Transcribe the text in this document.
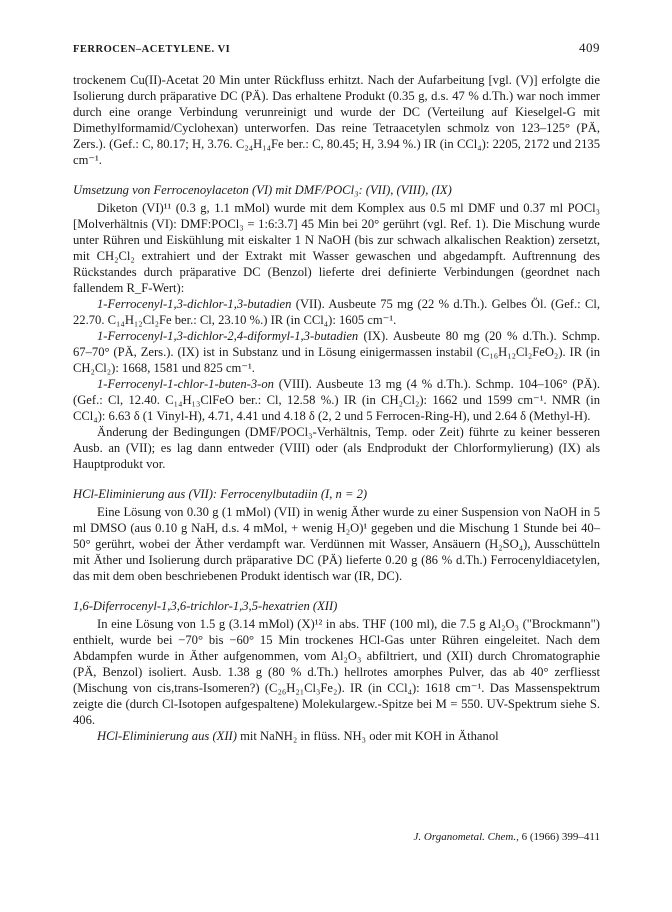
FERROCEN–ACETYLENE. VI	409

trockenem Cu(II)-Acetat 20 Min unter Rückfluss erhitzt. Nach der Aufarbeitung [vgl. (V)] erfolgte die Isolierung durch präparative DC (PÄ). Das erhaltene Produkt (0.35 g, d.s. 47 % d.Th.) war noch immer durch eine orange Verbindung verunreinigt und wurde der DC (Verteilung auf Kieselgel-G mit Dimethylformamid/Cyclohexan) unterworfen. Das reine Tetraacetylen schmolz von 123–125° (PÄ, Zers.). (Gef.: C, 80.17; H, 3.76. C₂₄H₁₄Fe ber.: C, 80.45; H, 3.94 %.) IR (in CCl₄): 2205, 2172 und 2135 cm⁻¹.

Umsetzung von Ferrocenoylaceton (VI) mit DMF/POCl₃: (VII), (VIII), (IX)

Diketon (VI)¹¹ (0.3 g, 1.1 mMol) wurde mit dem Komplex aus 0.5 ml DMF und 0.37 ml POCl₃ [Molverhältnis (VI): DMF:POCl₃ = 1:6:3.7] 45 Min bei 20° gerührt (vgl. Ref. 1). Die Mischung wurde unter Rühren und Eiskühlung mit eiskalter 1 N NaOH (bis zur schwach alkalischen Reaktion) zersetzt, mit CH₂Cl₂ extrahiert und der Extrakt mit Wasser gewaschen und abgedampft. Auftrennung des Rückstandes durch präparative DC (Benzol) lieferte drei definierte Verbindungen (geordnet nach fallendem R_F-Wert):

1-Ferrocenyl-1,3-dichlor-1,3-butadien (VII). Ausbeute 75 mg (22 % d.Th.). Gelbes Öl. (Gef.: Cl, 22.70. C₁₄H₁₂Cl₂Fe ber.: Cl, 23.10 %.) IR (in CCl₄): 1605 cm⁻¹.

1-Ferrocenyl-1,3-dichlor-2,4-diformyl-1,3-butadien (IX). Ausbeute 80 mg (20 % d.Th.). Schmp. 67–70° (PÄ, Zers.). (IX) ist in Substanz und in Lösung einigermassen instabil (C₁₆H₁₂Cl₂FeO₂). IR (in CH₂Cl₂): 1668, 1581 und 825 cm⁻¹.

1-Ferrocenyl-1-chlor-1-buten-3-on (VIII). Ausbeute 13 mg (4 % d.Th.). Schmp. 104–106° (PÄ). (Gef.: Cl, 12.40. C₁₄H₁₃ClFeO ber.: Cl, 12.58 %.) IR (in CH₂Cl₂): 1662 und 1599 cm⁻¹. NMR (in CCl₄): 6.63 δ (1 Vinyl-H), 4.71, 4.41 und 4.18 δ (2, 2 und 5 Ferrocen-Ring-H), und 2.64 δ (Methyl-H).

Änderung der Bedingungen (DMF/POCl₃-Verhältnis, Temp. oder Zeit) führte zu keiner besseren Ausb. an (VII); es lag dann entweder (VIII) oder (als Endprodukt der Chlorformylierung) (IX) als Hauptprodukt vor.

HCl-Eliminierung aus (VII): Ferrocenylbutadiin (I, n = 2)

Eine Lösung von 0.30 g (1 mMol) (VII) in wenig Äther wurde zu einer Suspension von NaOH in 5 ml DMSO (aus 0.10 g NaH, d.s. 4 mMol, + wenig H₂O)¹ gegeben und die Mischung 1 Stunde bei 40–50° gerührt, wobei der Äther verdampft war. Verdünnen mit Wasser, Ansäuern (H₂SO₄), Ausschütteln mit Äther und Isolierung durch präparative DC (PÄ) lieferte 0.20 g (86 % d.Th.) Ferrocenyldiacetylen, das mit dem oben beschriebenen Produkt identisch war (IR, DC).

1,6-Diferrocenyl-1,3,6-trichlor-1,3,5-hexatrien (XII)

In eine Lösung von 1.5 g (3.14 mMol) (X)¹² in abs. THF (100 ml), die 7.5 g Al₂O₃ ("Brockmann") enthielt, wurde bei −70° bis −60° 15 Min trockenes HCl-Gas unter Rühren eingeleitet. Nach dem Abdampfen wurde in Äther aufgenommen, vom Al₂O₃ abfiltriert, und (XII) durch Chromatographie (PÄ, Benzol) isoliert. Ausb. 1.38 g (80 % d.Th.) hellrotes amorphes Pulver, das ab 40° zerfliesst (Mischung von cis,trans-Isomeren?) (C₂₆H₂₁Cl₃Fe₂). IR (in CCl₄): 1618 cm⁻¹. Das Massenspektrum zeigte die (durch Cl-Isotopen aufgespaltene) Molekulargew.-Spitze bei M = 550. UV-Spektrum siehe S. 406.

HCl-Eliminierung aus (XII) mit NaNH₂ in flüss. NH₃ oder mit KOH in Äthanol

J. Organometal. Chem., 6 (1966) 399–411
